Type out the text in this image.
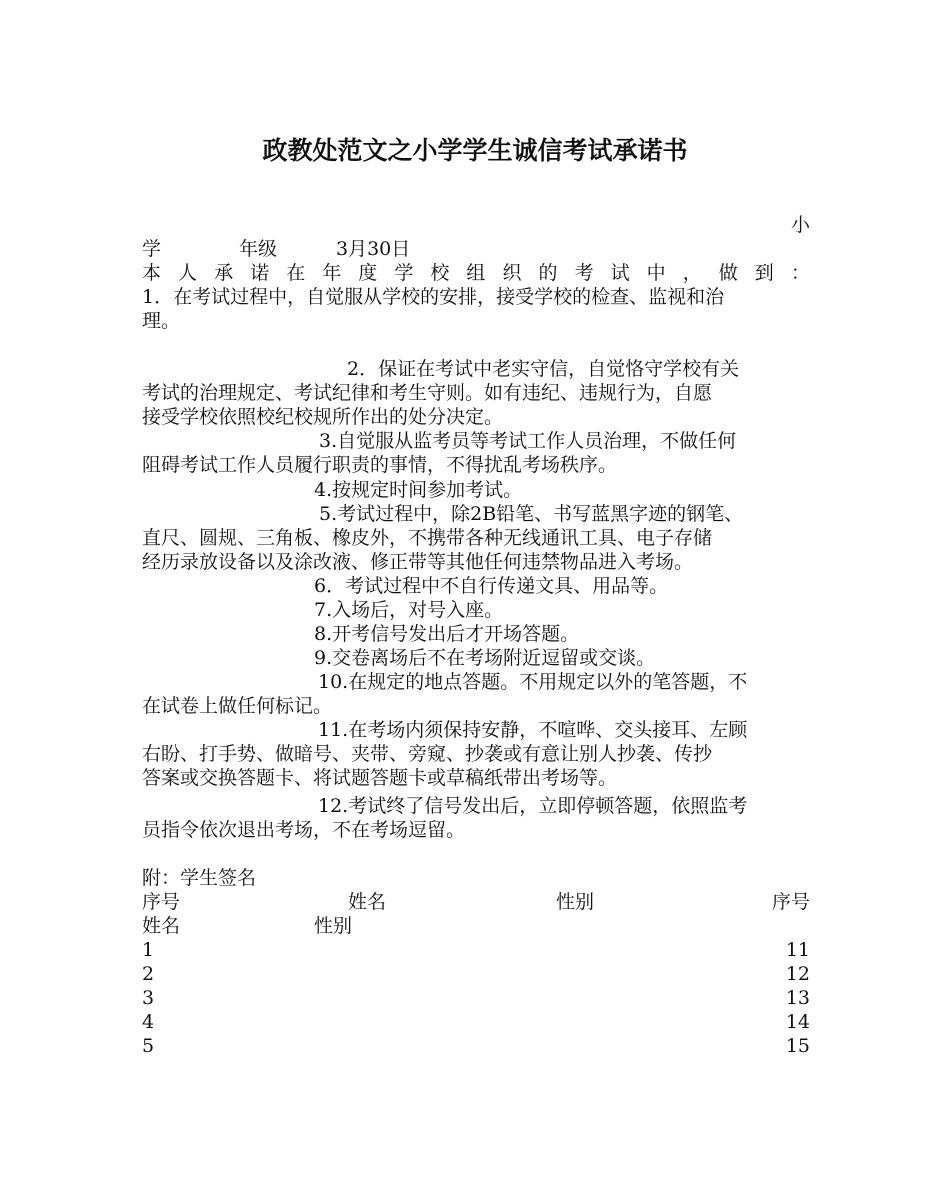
政教处范文之小学学生诚信考试承诺书
小
学	年级	3月30日
本 人 承 诺 在 年 度 学 校 组 织 的 考 试 中 ， 做 到 ：
1．在考试过程中，自觉服从学校的安排，接受学校的检查、监视和治
理。
2．保证在考试中老实守信，自觉恪守学校有关
考试的治理规定、考试纪律和考生守则。如有违纪、违规行为，自愿
接受学校依照校纪校规所作出的处分决定。
3.自觉服从监考员等考试工作人员治理，不做任何
阻碍考试工作人员履行职责的事情，不得扰乱考场秩序。
4.按规定时间参加考试。
5.考试过程中，除2B铅笔、书写蓝黑字迹的钢笔、
直尺、圆规、三角板、橡皮外，不携带各种无线通讯工具、电子存储
经历录放设备以及涂改液、修正带等其他任何违禁物品进入考场。
6．考试过程中不自行传递文具、用品等。
7.入场后，对号入座。
8.开考信号发出后才开场答题。
9.交卷离场后不在考场附近逗留或交谈。
10.在规定的地点答题。不用规定以外的笔答题，不
在试卷上做任何标记。
11.在考场内须保持安静，不喧哗、交头接耳、左顾
右盼、打手势、做暗号、夹带、旁窥、抄袭或有意让别人抄袭、传抄
答案或交换答题卡、将试题答题卡或草稿纸带出考场等。
12.考试终了信号发出后，立即停顿答题，依照监考
员指令依次退出考场，不在考场逗留。
附：学生签名
序号	姓名	性别	序号
姓名	性别
1	11
2	12
3	13
4	14
5	15
